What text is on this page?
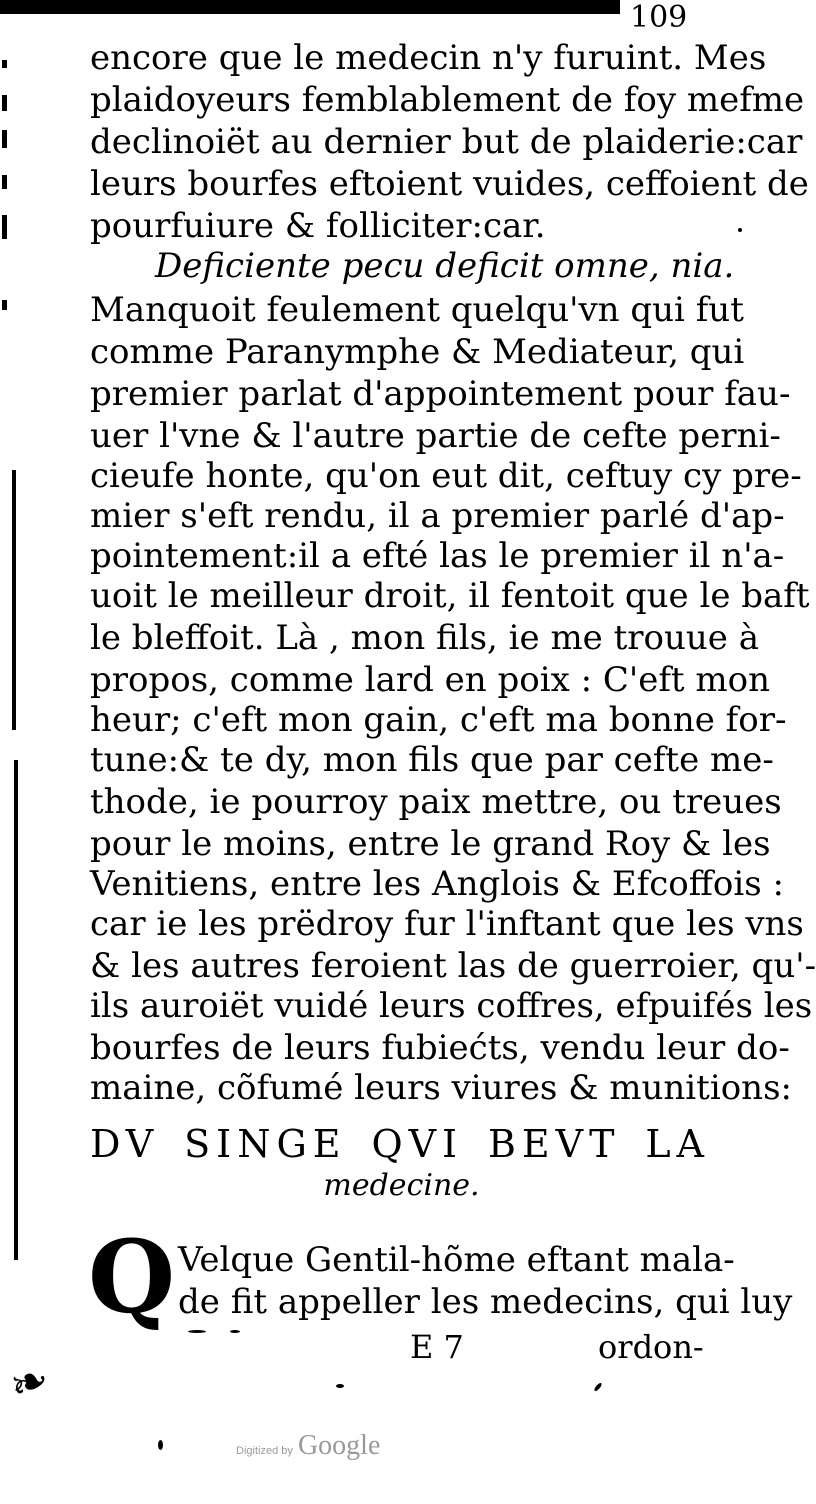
109
encore que le medecin n'y furuint. Mes
plaidoyeurs femblablement de foy mefme
declinoiët au dernier but de plaiderie:car
leurs bourfes eftoient vuides, ceffoient de
pourfuiure & folliciter:car.
Deficiente pecu deficit omne, nia.
Manquoit feulement quelqu'vn qui fut
comme Paranymphe & Mediateur, qui
premier parlat d'appointement pour fau-
uer l'vne & l'autre partie de cefte perni-
cieufe honte, qu'on eut dit, ceftuy cy pre-
mier s'eft rendu, il a premier parlé d'ap-
pointement:il a efté las le premier il n'a-
uoit le meilleur droit, il fentoit que le baft
le bleffoit. Là , mon fils, ie me trouue à
propos, comme lard en poix : C'eft mon
heur; c'eft mon gain, c'eft ma bonne for-
tune:& te dy, mon fils que par cefte me-
thode, ie pourroy paix mettre, ou treues
pour le moins, entre le grand Roy & les
Venitiens, entre les Anglois & Efcoffois :
car ie les prëdroy fur l'inftant que les vns
& les autres feroient las de guerroier, qu'-
ils auroiët vuidé leurs coffres, efpuifés les
bourfes de leurs fubiećts, vendu leur do-
maine, cõfumé leurs viures & munitions:
DV SINGE QVI BEVT LA
medecine.
Q Velque Gentil-hõme eftant mala-
de fit appeller les medecins, qui luy
E 7	ordon-
❧
Digitized by Google
